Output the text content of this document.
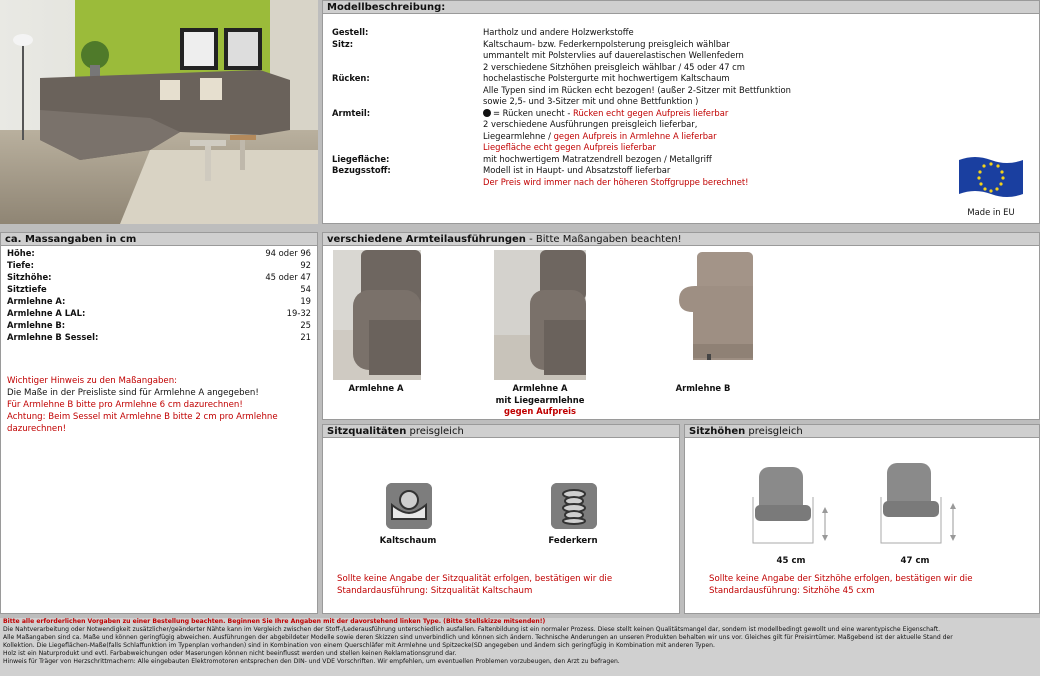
Modellbeschreibung:
Gestell:	Hartholz und andere Holzwerkstoffe
Sitz:	Kaltschaum- bzw. Federkernpolsterung preisgleich wählbar
ummantelt mit Polstervlies auf dauerelastischen Wellenfedern
2 verschiedene Sitzhöhen preisgleich wählbar / 45 oder 47 cm
Rücken:	hochelastische Polstergurte mit hochwertigem Kaltschaum
Alle Typen sind im Rücken echt bezogen! (außer 2-Sitzer mit Bettfunktion
sowie 2,5- und 3-Sitzer mit und ohne Bettfunktion )
Armteil:	= Rücken unecht - Rücken echt gegen Aufpreis lieferbar
2 verschiedene Ausführungen preisgleich lieferbar,
Liegearmlehne / gegen Aufpreis in Armlehne A lieferbar
Liegefläche echt gegen Aufpreis lieferbar
Liegefläche:	mit hochwertigem Matratzendrell bezogen / Metallgriff
Bezugsstoff:	Modell ist in Haupt- und Absatzstoff lieferbar
Der Preis wird immer nach der höheren Stoffgruppe berechnet!
Made in EU
ca. Massangaben in cm
Höhe:	94 oder 96
Tiefe:	92
Sitzhöhe:	45 oder 47
Sitztiefe	54
Armlehne A:	19
Armlehne A LAL:	19-32
Armlehne B:	25
Armlehne B Sessel:	21
Wichtiger Hinweis zu den Maßangaben:
Die Maße in der Preisliste sind für Armlehne A angegeben!
Für Armlehne B bitte pro Armlehne 6 cm dazurechnen!
Achtung: Beim Sessel mit Armlehne B bitte 2 cm pro Armlehne
dazurechnen!
verschiedene Armteilausführungen - Bitte Maßangaben beachten!
Armlehne A	Armlehne A
mit Liegearmlehne
gegen Aufpreis
Armlehne B
Sitzqualitäten preisgleich
Kaltschaum	Federkern
Sollte keine Angabe der Sitzqualität erfolgen, bestätigen wir die
Standardausführung: Sitzqualität Kaltschaum
Sitzhöhen preisgleich
45 cm	47 cm
Sollte keine Angabe der Sitzhöhe erfolgen, bestätigen wir die
Standardausführung: Sitzhöhe 45 cxm
Bitte alle erforderlichen Vorgaben zu einer Bestellung beachten. Beginnen Sie Ihre Angaben mit der davorstehend linken Type. (Bitte Stellskizze mitsenden!)
Die Nahtverarbeitung oder Notwendigkeit zusätzlicher/geänderter Nähte kann im Vergleich zwischen der Stoff-/Lederausführung unterschiedlich ausfallen. Faltenbildung ist ein normaler Prozess. Diese stellt keinen Qualitätsmangel dar, sondern ist modellbedingt gewollt und eine warentypische Eigenschaft.
Alle Maßangaben sind ca. Maße und können geringfügig abweichen. Ausführungen der abgebildeter Modelle sowie deren Skizzen sind unverbindlich und können sich ändern. Technische Änderungen an unseren Produkten behalten wir uns vor. Gleiches gilt für Preisirrtümer. Maßgebend ist der aktuelle Stand der
Kollektion. Die Liegeflächen-Maße(falls Schlaffunktion im Typenplan vorhanden) sind in Kombination von einem Querschläfer mit Armlehne und Spitzecke(SD angegeben und ändern sich geringfügig in Kombination mit anderen Typen.
Holz ist ein Naturprodukt und evtl. Farbabweichungen oder Maserungen können nicht beeinflusst werden und stellen keinen Reklamationsgrund dar.
Hinweis für Träger von Herzschrittmachern: Alle eingebauten Elektromotoren entsprechen den DIN- und VDE Vorschriften. Wir empfehlen, um eventuellen Problemen vorzubeugen, den Arzt zu befragen.
